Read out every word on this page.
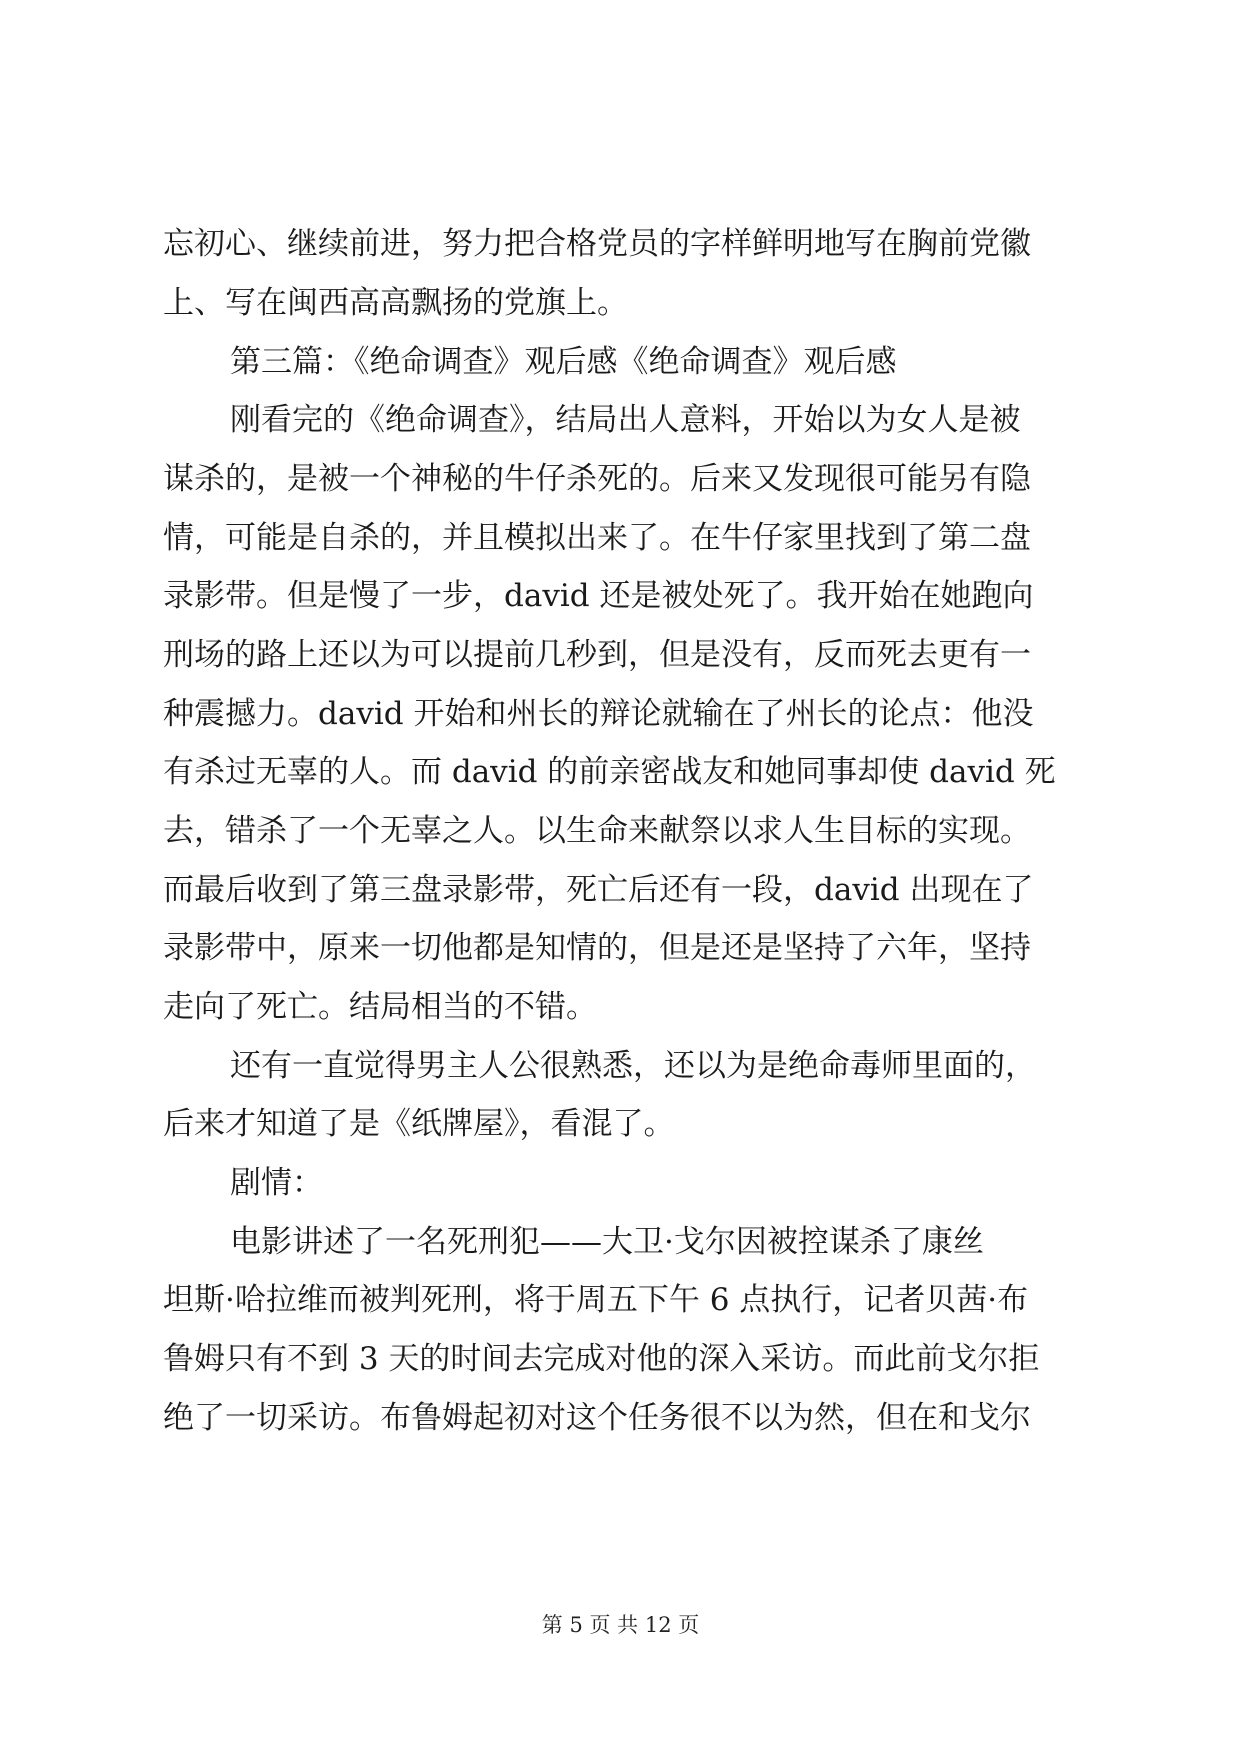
忘初心、继续前进，努力把合格党员的字样鲜明地写在胸前党徽
上、写在闽西高高飘扬的党旗上。
第三篇：《绝命调查》观后感《绝命调查》观后感
刚看完的《绝命调查》，结局出人意料，开始以为女人是被
谋杀的，是被一个神秘的牛仔杀死的。后来又发现很可能另有隐
情，可能是自杀的，并且模拟出来了。在牛仔家里找到了第二盘
录影带。但是慢了一步，david 还是被处死了。我开始在她跑向
刑场的路上还以为可以提前几秒到，但是没有，反而死去更有一
种震撼力。david 开始和州长的辩论就输在了州长的论点：他没
有杀过无辜的人。而 david 的前亲密战友和她同事却使 david 死
去，错杀了一个无辜之人。以生命来献祭以求人生目标的实现。
而最后收到了第三盘录影带，死亡后还有一段，david 出现在了
录影带中，原来一切他都是知情的，但是还是坚持了六年，坚持
走向了死亡。结局相当的不错。
还有一直觉得男主人公很熟悉，还以为是绝命毒师里面的，
后来才知道了是《纸牌屋》，看混了。
剧情：
电影讲述了一名死刑犯——大卫·戈尔因被控谋杀了康丝
坦斯·哈拉维而被判死刑，将于周五下午 6 点执行，记者贝茜·布
鲁姆只有不到 3 天的时间去完成对他的深入采访。而此前戈尔拒
绝了一切采访。布鲁姆起初对这个任务很不以为然，但在和戈尔
第 5 页 共 12 页
